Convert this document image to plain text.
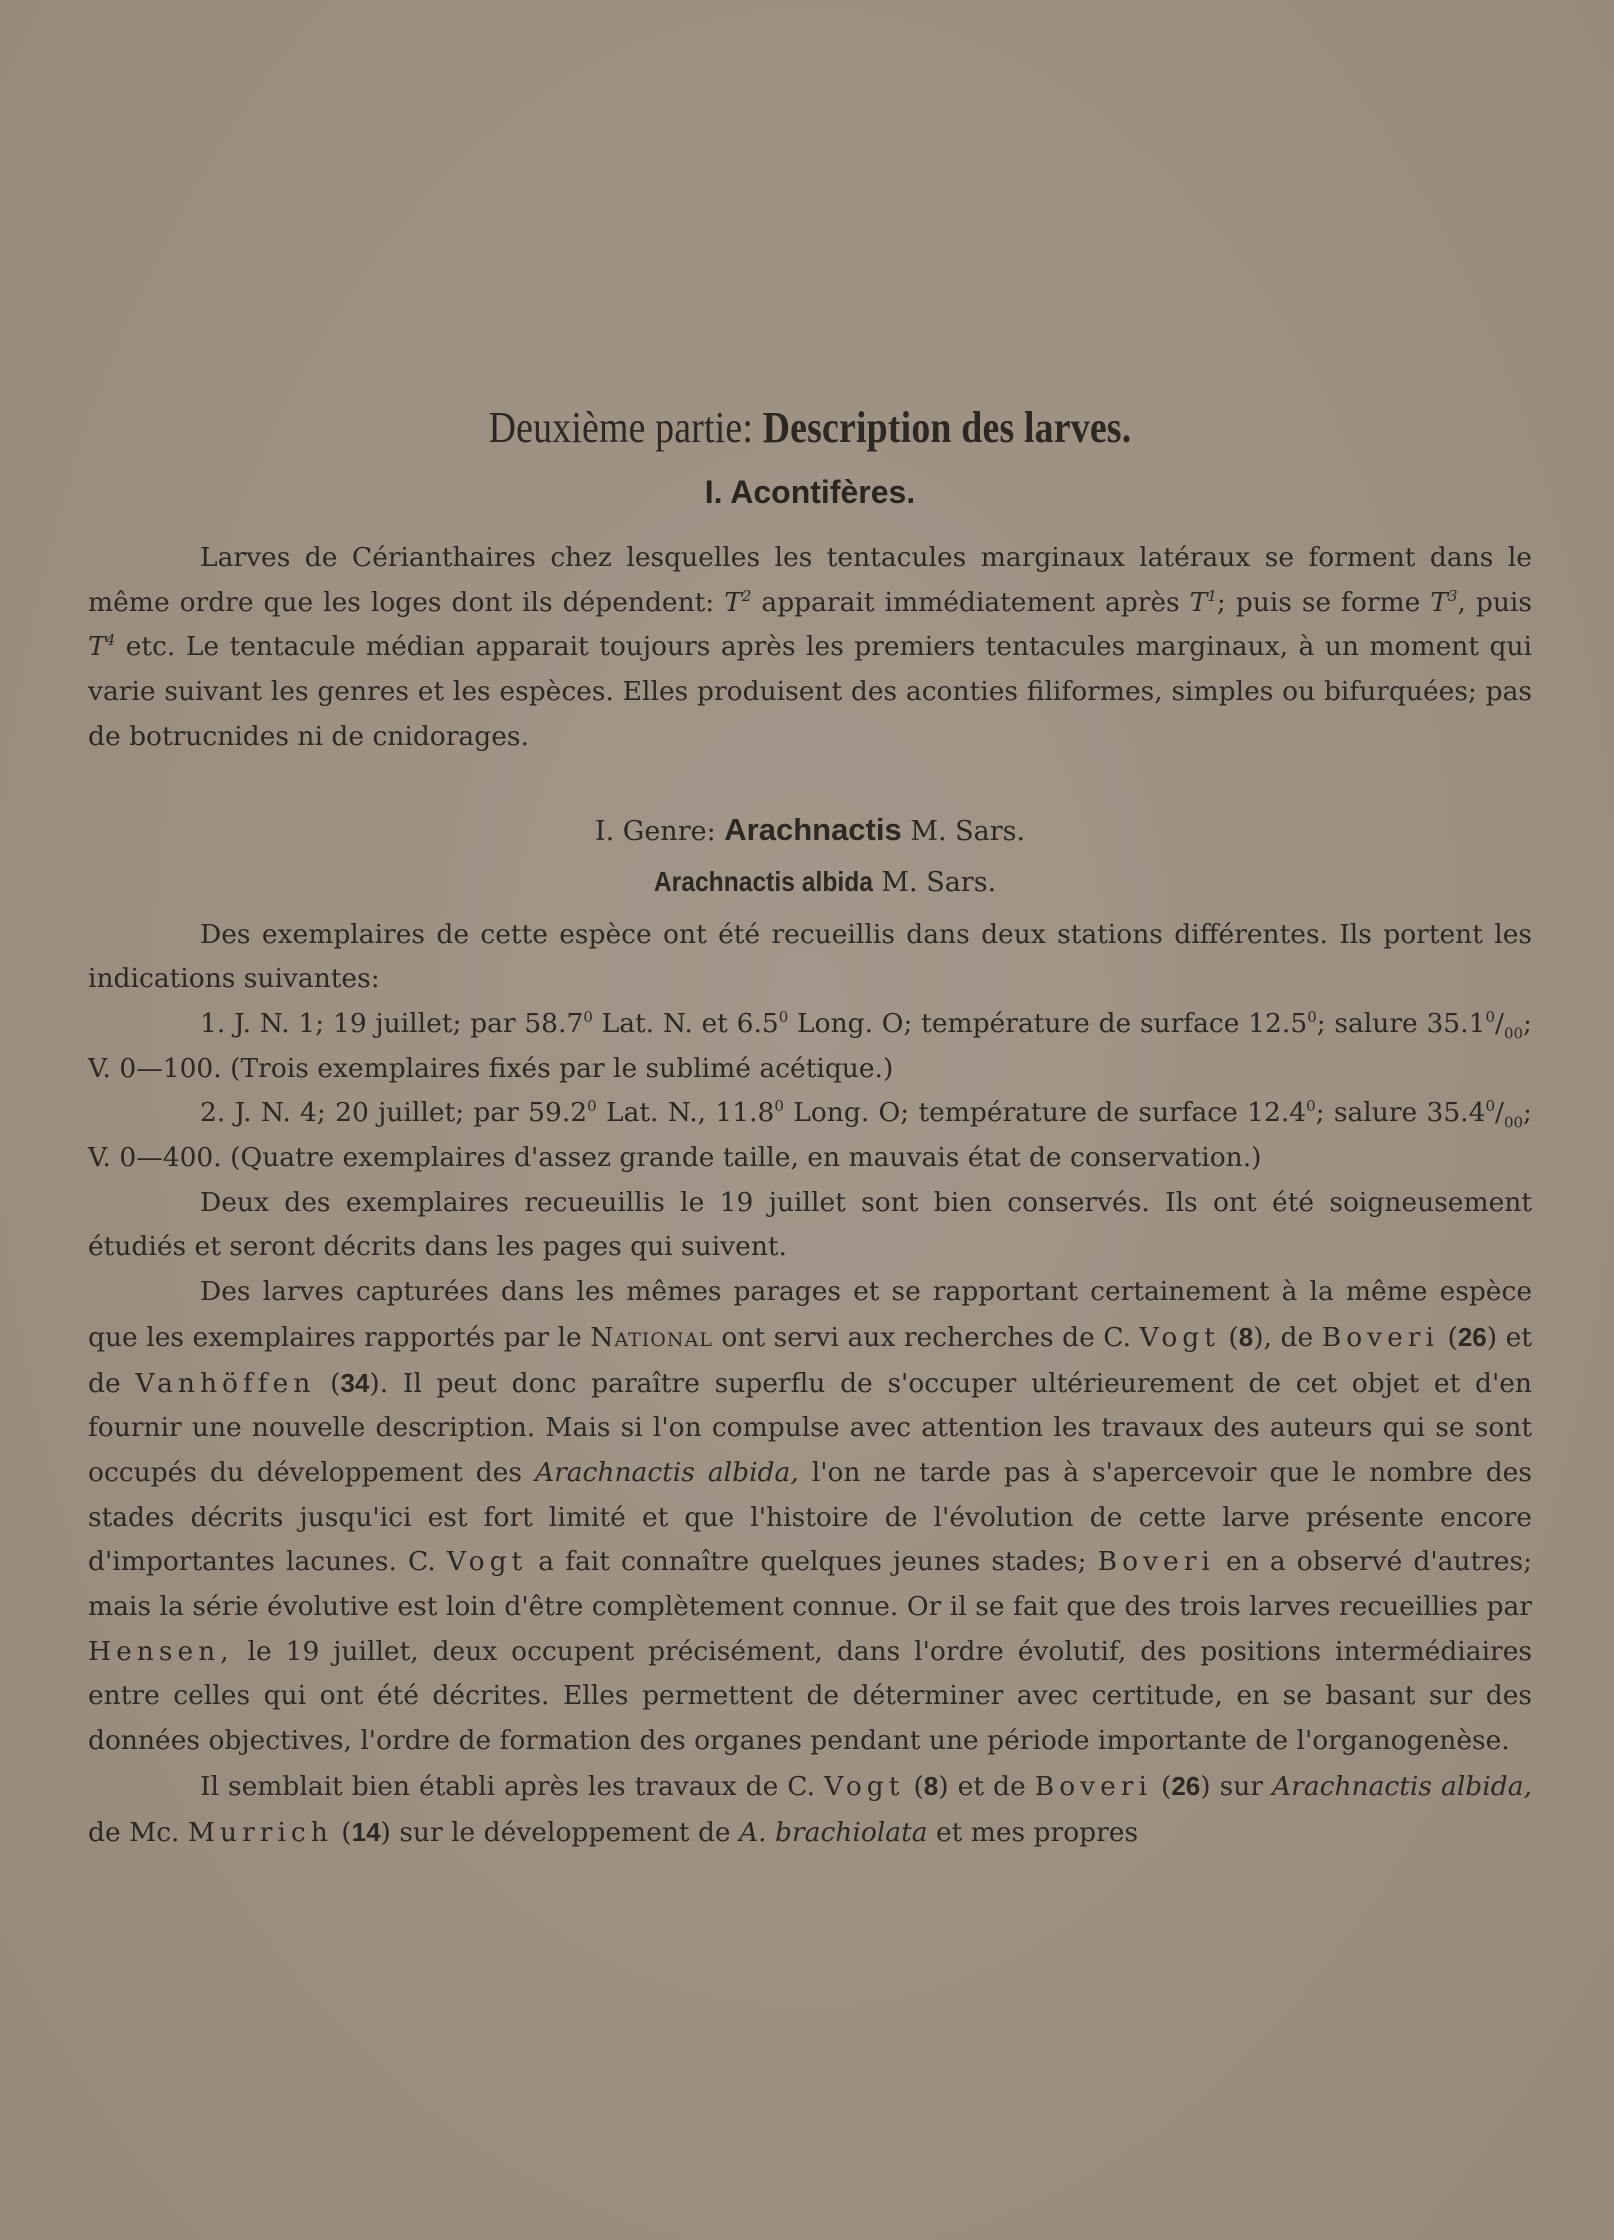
Deuxième partie: Description des larves.
I. Acontifères.

Larves de Cérianthaires chez lesquelles les tentacules marginaux latéraux se forment dans le même ordre que les loges dont ils dépendent: $T^2$ apparait immédiatement après $T^1$; puis se forme $T^3$, puis $T^4$ etc. Le tentacule médian apparait toujours après les premiers tentacules marginaux, à un moment qui varie suivant les genres et les espèces. Elles produisent des aconties filiformes, simples ou bifurquées; pas de botrucnides ni de cnidorages.

I. Genre: Arachnactis M. Sars.
Arachnactis albida M. Sars.

Des exemplaires de cette espèce ont été recueillis dans deux stations différentes. Ils portent les indications suivantes:

1. J. N. 1; 19 juillet; par 58.7$^0$ Lat. N. et $6.5^0$ Long. O; température de surface 12.5$^0$; salure $35.1^0/_{00}$; V. 0—100. (Trois exemplaires fixés par le sublimé acétique.)

2. J. N. 4; 20 juillet; par 59.2$^0$ Lat. N., 11.8$^0$ Long. O; température de surface 12.4$^0$; salure $35.4^0/_{00}$; V. 0—400. (Quatre exemplaires d'assez grande taille, en mauvais état de conservation.)

Deux des exemplaires recueuillis le 19 juillet sont bien conservés. Ils ont été soigneusement étudiés et seront décrits dans les pages qui suivent.

Des larves capturées dans les mêmes parages et se rapportant certainement à la même espèce que les exemplaires rapportés par le National ont servi aux recherches de C. Vogt (8), de Boveri (26) et de Vanhöffen (34). Il peut donc paraître superflu de s'occuper ultérieurement de cet objet et d'en fournir une nouvelle description. Mais si l'on compulse avec attention les travaux des auteurs qui se sont occupés du développement des Arachnactis albida, l'on ne tarde pas à s'apercevoir que le nombre des stades décrits jusqu'ici est fort limité et que l'histoire de l'évolution de cette larve présente encore d'importantes lacunes. C. Vogt a fait connaître quelques jeunes stades; Boveri en a observé d'autres; mais la série évolutive est loin d'être complètement connue. Or il se fait que des trois larves recueillies par Hensen, le 19 juillet, deux occupent précisément, dans l'ordre évolutif, des positions intermédiaires entre celles qui ont été décrites. Elles permettent de déterminer avec certitude, en se basant sur des données objectives, l'ordre de formation des organes pendant une période importante de l'organogenèse.

Il semblait bien établi après les travaux de C. Vogt (8) et de Boveri (26) sur Arachnactis albida, de Mc. Murrich (14) sur le développement de A. brachiolata et mes propres
